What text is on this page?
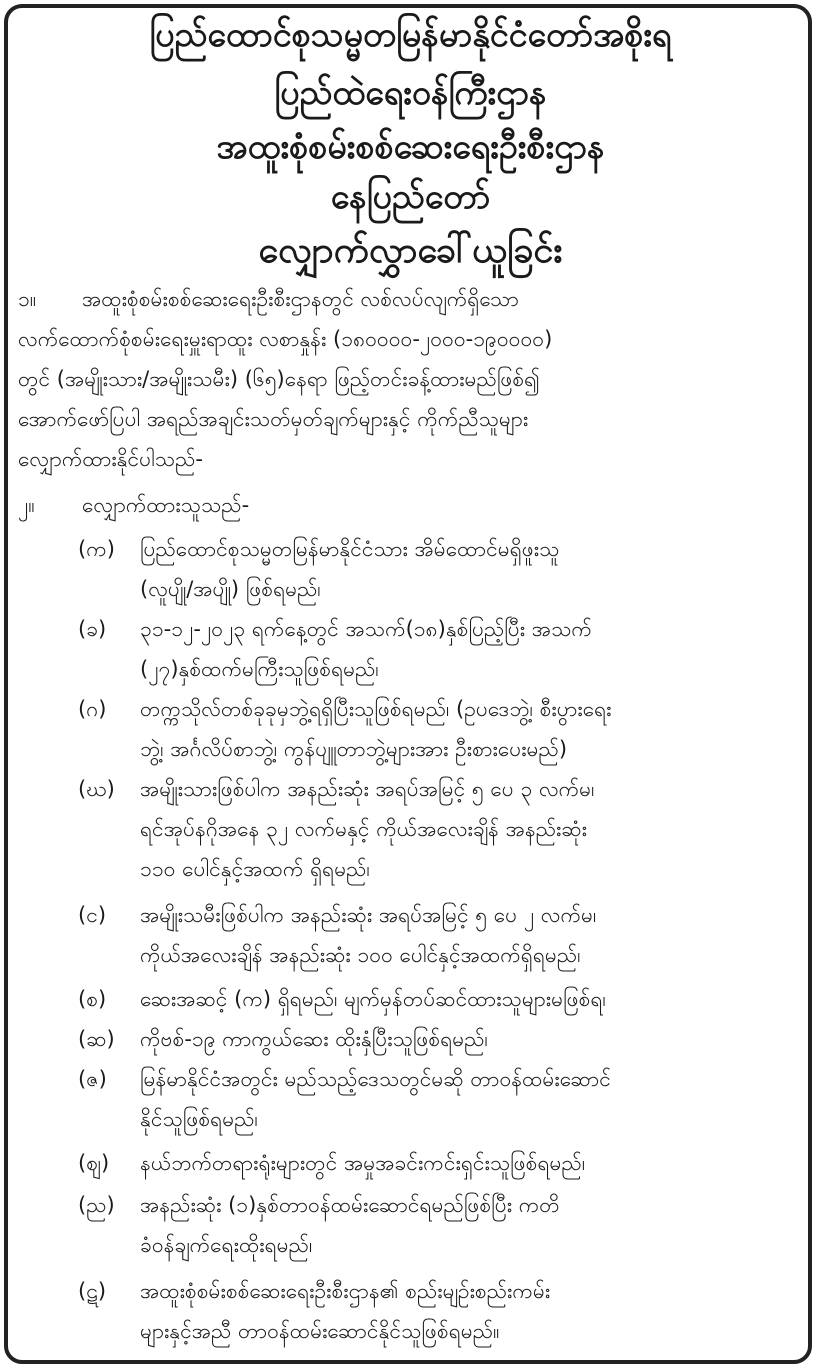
ပြည်ထောင်စုသမ္မတမြန်မာနိုင်ငံတော်အစိုးရ
ပြည်ထဲရေးဝန်ကြီးဌာန
အထူးစုံစမ်းစစ်ဆေးရေးဦးစီးဌာန
နေပြည်တော်
လျှောက်လွှာခေါ်ယူခြင်း
၁။ အထူးစုံစမ်းစစ်ဆေးရေးဦးစီးဌာနတွင် လစ်လပ်လျက်ရှိသော
လက်ထောက်စုံစမ်းရေးမှူးရာထူး လစာနှုန်း (၁၈၀၀၀၀-၂၀၀၀-၁၉၀၀၀၀)
တွင် (အမျိုးသား/အမျိုးသမီး) (၆၅)နေရာ ဖြည့်တင်းခန့်ထားမည်ဖြစ်၍
အောက်ဖော်ပြပါ အရည်အချင်းသတ်မှတ်ချက်များနှင့် ကိုက်ညီသူများ
လျှောက်ထားနိုင်ပါသည်-
၂။ လျှောက်ထားသူသည်-
(က) ပြည်ထောင်စုသမ္မတမြန်မာနိုင်ငံသား အိမ်ထောင်မရှိဖူးသူ
(လူပျို/အပျို) ဖြစ်ရမည်၊
(ခ) ၃၁-၁၂-၂၀၂၃ ရက်နေ့တွင် အသက်(၁၈)နှစ်ပြည့်ပြီး အသက်
(၂၇)နှစ်ထက်မကြီးသူဖြစ်ရမည်၊
(ဂ) တက္ကသိုလ်တစ်ခုခုမှဘွဲ့ရရှိပြီးသူဖြစ်ရမည်၊ (ဥပဒေဘွဲ့၊ စီးပွားရေး
ဘွဲ့၊ အင်္ဂလိပ်စာဘွဲ့၊ ကွန်ပျူတာဘွဲ့များအား ဦးစားပေးမည်)
(ဃ) အမျိုးသားဖြစ်ပါက အနည်းဆုံး အရပ်အမြင့် ၅ ပေ ၃ လက်မ၊
ရင်အုပ်နဂိုအနေ ၃၂ လက်မနှင့် ကိုယ်အလေးချိန် အနည်းဆုံး
၁၁၀ ပေါင်နှင့်အထက် ရှိရမည်၊
(င) အမျိုးသမီးဖြစ်ပါက အနည်းဆုံး အရပ်အမြင့် ၅ ပေ ၂ လက်မ၊
ကိုယ်အလေးချိန် အနည်းဆုံး ၁၀၀ ပေါင်နှင့်အထက်ရှိရမည်၊
(စ) ဆေးအဆင့် (က) ရှိရမည်၊ မျက်မှန်တပ်ဆင်ထားသူများမဖြစ်ရ၊
(ဆ) ကိုဗစ်-၁၉ ကာကွယ်ဆေး ထိုးနှံပြီးသူဖြစ်ရမည်၊
(ဇ) မြန်မာနိုင်ငံအတွင်း မည်သည့်ဒေသတွင်မဆို တာဝန်ထမ်းဆောင်
နိုင်သူဖြစ်ရမည်၊
(ဈ) နယ်ဘက်တရားရုံးများတွင် အမှုအခင်းကင်းရှင်းသူဖြစ်ရမည်၊
(ည) အနည်းဆုံး (၁)နှစ်တာဝန်ထမ်းဆောင်ရမည်ဖြစ်ပြီး ကတိ
ခံဝန်ချက်ရေးထိုးရမည်၊
(ဋ) အထူးစုံစမ်းစစ်ဆေးရေးဦးစီးဌာန၏ စည်းမျဉ်းစည်းကမ်း
များနှင့်အညီ တာဝန်ထမ်းဆောင်နိုင်သူဖြစ်ရမည်။
